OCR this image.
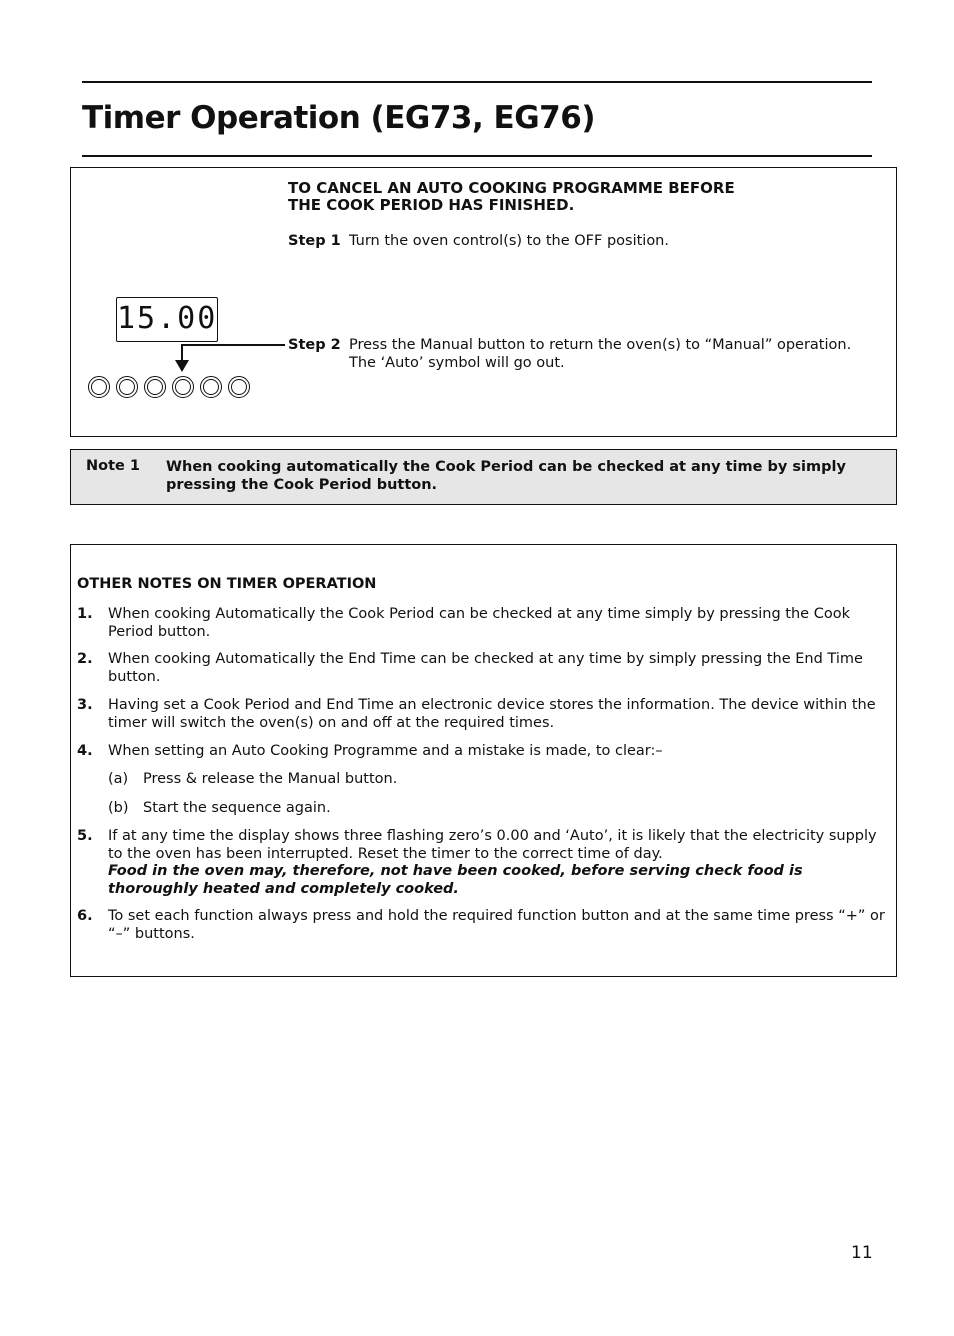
Timer Operation (EG73, EG76)
TO CANCEL AN AUTO COOKING PROGRAMME BEFORE
THE COOK PERIOD HAS FINISHED.
Step 1 Turn the oven control(s) to the OFF position.
Step 2 Press the Manual button to return the oven(s) to “Manual” operation.
The ‘Auto’ symbol will go out.
15.00
Note 1 When cooking automatically the Cook Period can be checked at any time by simply pressing the Cook Period button.
OTHER NOTES ON TIMER OPERATION
1. When cooking Automatically the Cook Period can be checked at any time simply by pressing the Cook Period button.
2. When cooking Automatically the End Time can be checked at any time by simply pressing the End Time button.
3. Having set a Cook Period and End Time an electronic device stores the information. The device within the timer will switch the oven(s) on and off at the required times.
4. When setting an Auto Cooking Programme and a mistake is made, to clear:–
(a) Press & release the Manual button.
(b) Start the sequence again.
5. If at any time the display shows three flashing zero’s 0.00 and ‘Auto’, it is likely that the electricity supply to the oven has been interrupted. Reset the timer to the correct time of day.
Food in the oven may, therefore, not have been cooked, before serving check food is thoroughly heated and completely cooked.
6. To set each function always press and hold the required function button and at the same time press “+” or “–” buttons.
11
